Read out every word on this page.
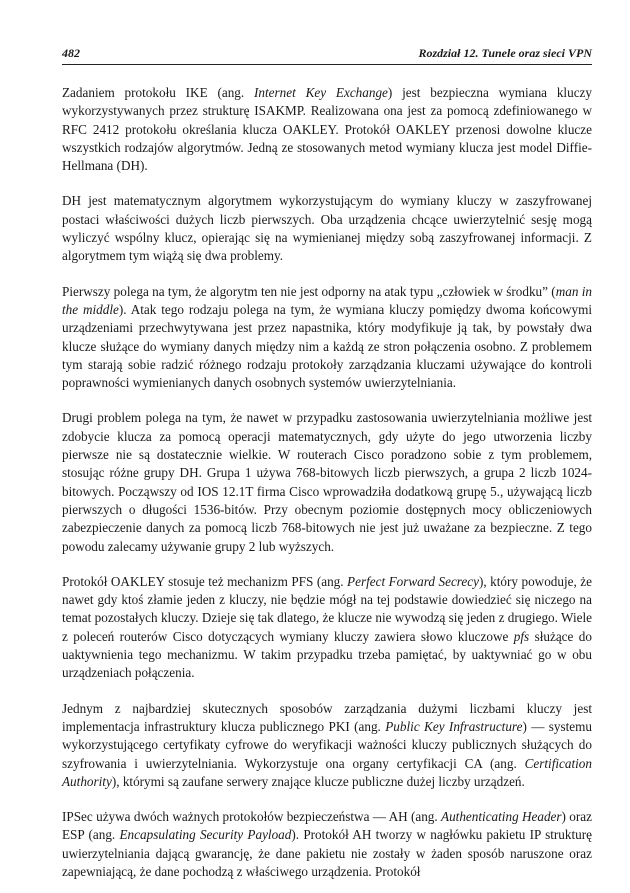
482	Rozdział 12. Tunele oraz sieci VPN

Zadaniem protokołu IKE (ang. Internet Key Exchange) jest bezpieczna wymiana kluczy wykorzystywanych przez strukturę ISAKMP. Realizowana ona jest za pomocą zdefiniowanego w RFC 2412 protokołu określania klucza OAKLEY. Protokół OAKLEY przenosi dowolne klucze wszystkich rodzajów algorytmów. Jedną ze stosowanych metod wymiany klucza jest model Diffie-Hellmana (DH).

DH jest matematycznym algorytmem wykorzystującym do wymiany kluczy w zaszyfrowanej postaci właściwości dużych liczb pierwszych. Oba urządzenia chcące uwierzytelnić sesję mogą wyliczyć wspólny klucz, opierając się na wymienianej między sobą zaszyfrowanej informacji. Z algorytmem tym wiążą się dwa problemy.

Pierwszy polega na tym, że algorytm ten nie jest odporny na atak typu „człowiek w środku” (man in the middle). Atak tego rodzaju polega na tym, że wymiana kluczy pomiędzy dwoma końcowymi urządzeniami przechwytywana jest przez napastnika, który modyfikuje ją tak, by powstały dwa klucze służące do wymiany danych między nim a każdą ze stron połączenia osobno. Z problemem tym starają sobie radzić różnego rodzaju protokoły zarządzania kluczami używające do kontroli poprawności wymienianych danych osobnych systemów uwierzytelniania.

Drugi problem polega na tym, że nawet w przypadku zastosowania uwierzytelniania możliwe jest zdobycie klucza za pomocą operacji matematycznych, gdy użyte do jego utworzenia liczby pierwsze nie są dostatecznie wielkie. W routerach Cisco poradzono sobie z tym problemem, stosując różne grupy DH. Grupa 1 używa 768-bitowych liczb pierwszych, a grupa 2 liczb 1024-bitowych. Począwszy od IOS 12.1T firma Cisco wprowadziła dodatkową grupę 5., używającą liczb pierwszych o długości 1536-bitów. Przy obecnym poziomie dostępnych mocy obliczeniowych zabezpieczenie danych za pomocą liczb 768-bitowych nie jest już uważane za bezpieczne. Z tego powodu zalecamy używanie grupy 2 lub wyższych.

Protokół OAKLEY stosuje też mechanizm PFS (ang. Perfect Forward Secrecy), który powoduje, że nawet gdy ktoś złamie jeden z kluczy, nie będzie mógł na tej podstawie dowiedzieć się niczego na temat pozostałych kluczy. Dzieje się tak dlatego, że klucze nie wywodzą się jeden z drugiego. Wiele z poleceń routerów Cisco dotyczących wymiany kluczy zawiera słowo kluczowe pfs służące do uaktywnienia tego mechanizmu. W takim przypadku trzeba pamiętać, by uaktywniać go w obu urządzeniach połączenia.

Jednym z najbardziej skutecznych sposobów zarządzania dużymi liczbami kluczy jest implementacja infrastruktury klucza publicznego PKI (ang. Public Key Infrastructure) — systemu wykorzystującego certyfikaty cyfrowe do weryfikacji ważności kluczy publicznych służących do szyfrowania i uwierzytelniania. Wykorzystuje ona organy certyfikacji CA (ang. Certification Authority), którymi są zaufane serwery znające klucze publiczne dużej liczby urządzeń.

IPSec używa dwóch ważnych protokołów bezpieczeństwa — AH (ang. Authenticating Header) oraz ESP (ang. Encapsulating Security Payload). Protokół AH tworzy w nagłówku pakietu IP strukturę uwierzytelniania dającą gwarancję, że dane pakietu nie zostały w żaden sposób naruszone oraz zapewniającą, że dane pochodzą z właściwego urządzenia. Protokół
